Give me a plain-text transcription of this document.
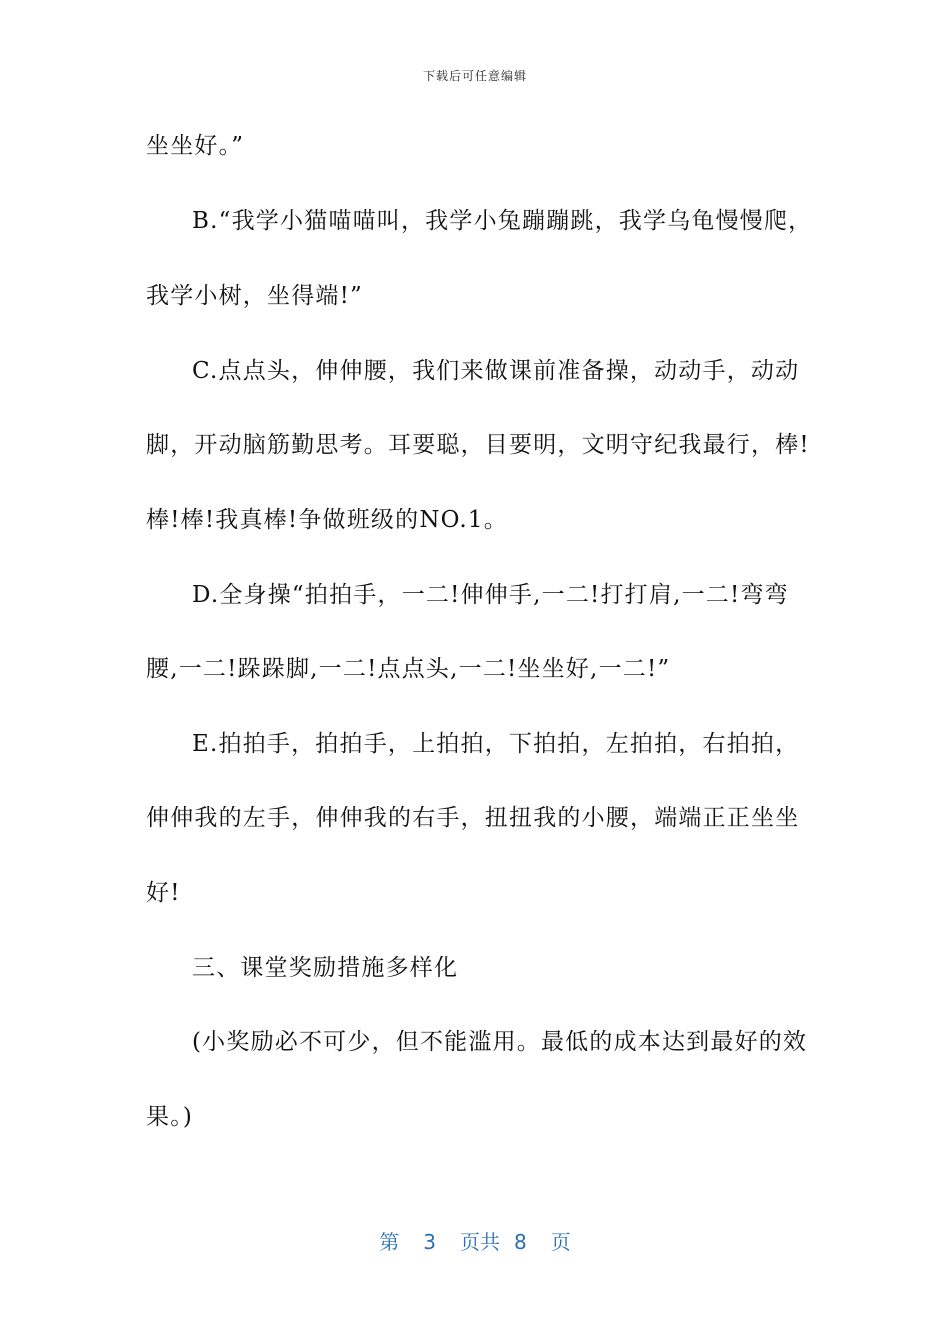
下载后可任意编辑
坐坐好。”
B.“我学小猫喵喵叫，我学小兔蹦蹦跳，我学乌龟慢慢爬，
我学小树，坐得端!”
C.点点头，伸伸腰，我们来做课前准备操，动动手，动动
脚，开动脑筋勤思考。耳要聪，目要明，文明守纪我最行，棒!
棒!棒!我真棒!争做班级的NO.1。
D.全身操“拍拍手，一二!伸伸手,一二!打打肩,一二!弯弯
腰,一二!跺跺脚,一二!点点头,一二!坐坐好,一二!”
E.拍拍手，拍拍手，上拍拍，下拍拍，左拍拍，右拍拍，
伸伸我的左手，伸伸我的右手，扭扭我的小腰，端端正正坐坐
好!
三、课堂奖励措施多样化
(小奖励必不可少，但不能滥用。最低的成本达到最好的效
果。)
第 3 页共 8 页
